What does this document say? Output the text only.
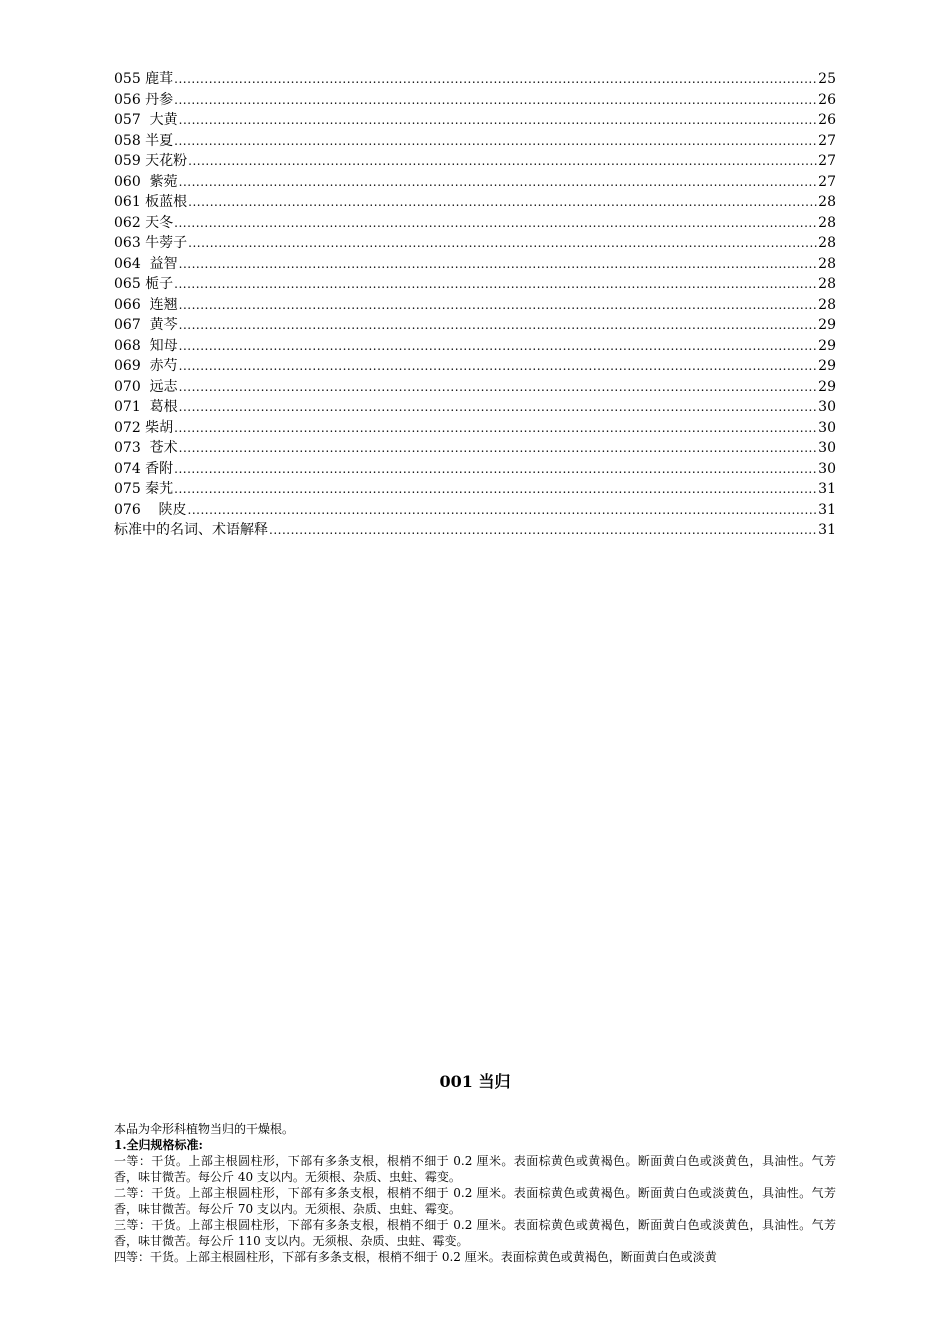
055 鹿茸 .....	25
056 丹参 .....	26
057  大黄 .....	26
058 半夏 .....	27
059 天花粉 .....	27
060  紫菀 .....	27
061 板蓝根 .....	28
062 天冬 .....	28
063 牛蒡子 .....	28
064  益智 .....	28
065 栀子 .....	28
066  连翘 .....	28
067  黄芩 .....	29
068  知母 .....	29
069  赤芍 .....	29
070  远志 .....	29
071  葛根 .....	30
072 柴胡 .....	30
073  苍术 .....	30
074 香附 .....	30
075 秦艽 .....	31
076    陕皮 .....	31
标准中的名词、术语解释 .....	31
001 当归

本品为伞形科植物当归的干燥根。

1.全归规格标准:

一等：干货。上部主根圆柱形，下部有多条支根，根梢不细于 0.2 厘米。表面棕黄色或黄褐色。断面黄白色或淡黄色，具油性。气芳香，味甘微苦。每公斤 40 支以内。无须根、杂质、虫蛀、霉变。

二等：干货。上部主根圆柱形，下部有多条支根，根梢不细于 0.2 厘米。表面棕黄色或黄褐色。断面黄白色或淡黄色，具油性。气芳香，味甘微苦。每公斤 70 支以内。无须根、杂质、虫蛀、霉变。

三等：干货。上部主根圆柱形，下部有多条支根，根梢不细于 0.2 厘米。表面棕黄色或黄褐色，断面黄白色或淡黄色，具油性。气芳香，味甘微苦。每公斤 110 支以内。无须根、杂质、虫蛀、霉变。

四等：干货。上部主根圆柱形，下部有多条支根，根梢不细于 0.2 厘米。表面棕黄色或黄褐色，断面黄白色或淡黄
